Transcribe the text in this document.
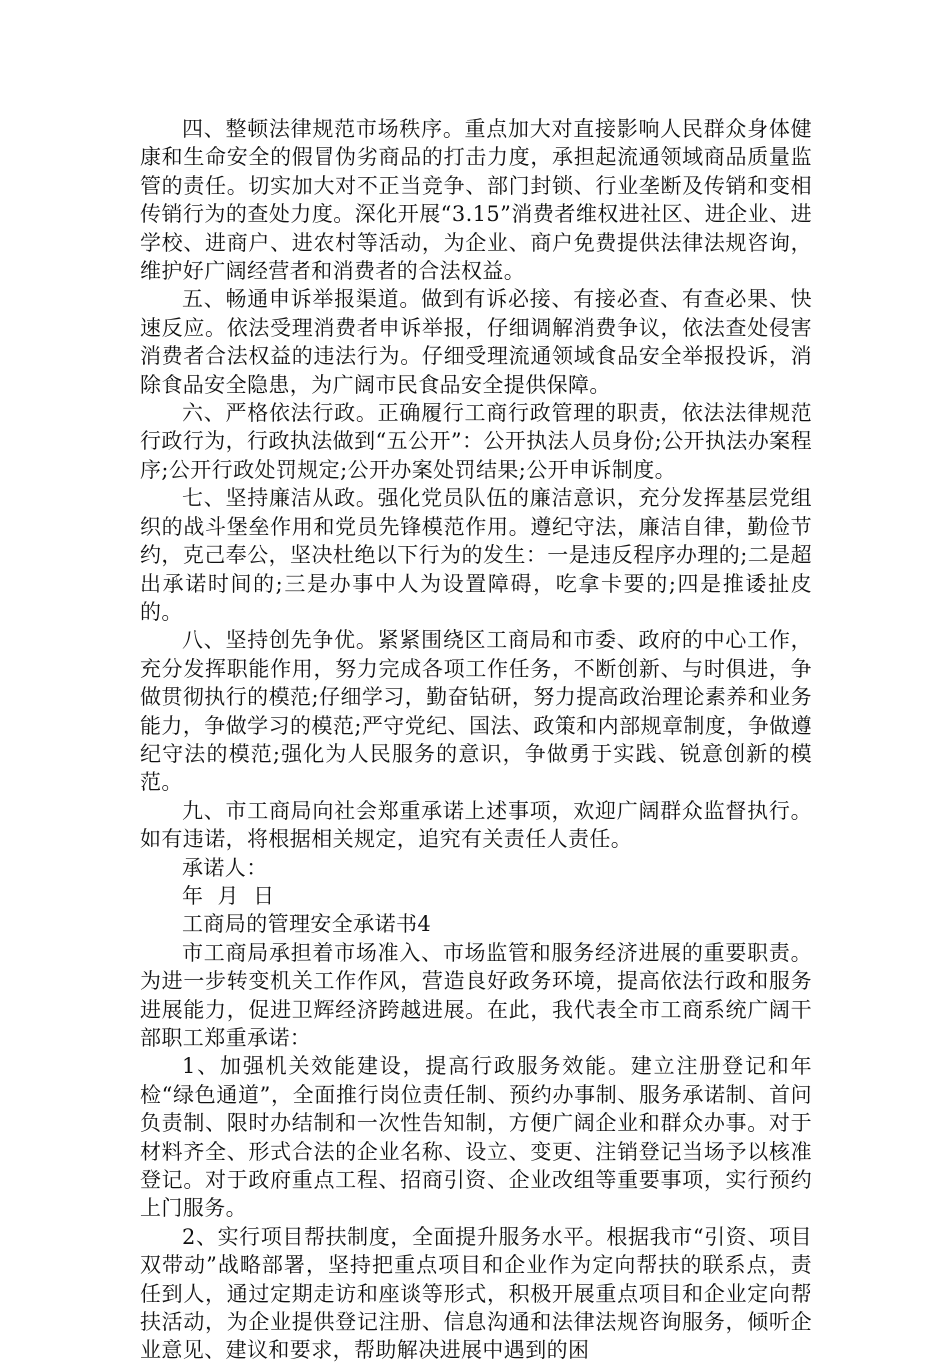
四、整顿法律规范市场秩序。重点加大对直接影响人民群众身体健康和生命安全的假冒伪劣商品的打击力度，承担起流通领域商品质量监管的责任。切实加大对不正当竞争、部门封锁、行业垄断及传销和变相传销行为的查处力度。深化开展“3.15”消费者维权进社区、进企业、进学校、进商户、进农村等活动，为企业、商户免费提供法律法规咨询，维护好广阔经营者和消费者的合法权益。

五、畅通申诉举报渠道。做到有诉必接、有接必查、有查必果、快速反应。依法受理消费者申诉举报，仔细调解消费争议，依法查处侵害消费者合法权益的违法行为。仔细受理流通领域食品安全举报投诉，消除食品安全隐患，为广阔市民食品安全提供保障。

六、严格依法行政。正确履行工商行政管理的职责，依法法律规范行政行为，行政执法做到“五公开”：公开执法人员身份;公开执法办案程序;公开行政处罚规定;公开办案处罚结果;公开申诉制度。

七、坚持廉洁从政。强化党员队伍的廉洁意识，充分发挥基层党组织的战斗堡垒作用和党员先锋模范作用。遵纪守法，廉洁自律，勤俭节约，克己奉公，坚决杜绝以下行为的发生：一是违反程序办理的;二是超出承诺时间的;三是办事中人为设置障碍，吃拿卡要的;四是推诿扯皮的。

八、坚持创先争优。紧紧围绕区工商局和市委、政府的中心工作，充分发挥职能作用，努力完成各项工作任务，不断创新、与时俱进，争做贯彻执行的模范;仔细学习，勤奋钻研，努力提高政治理论素养和业务能力，争做学习的模范;严守党纪、国法、政策和内部规章制度，争做遵纪守法的模范;强化为人民服务的意识，争做勇于实践、锐意创新的模范。

九、市工商局向社会郑重承诺上述事项，欢迎广阔群众监督执行。如有违诺，将根据相关规定，追究有关责任人责任。

承诺人：

年  月  日

工商局的管理安全承诺书4

市工商局承担着市场准入、市场监管和服务经济进展的重要职责。为进一步转变机关工作作风，营造良好政务环境，提高依法行政和服务进展能力，促进卫辉经济跨越进展。在此，我代表全市工商系统广阔干部职工郑重承诺：

1、加强机关效能建设，提高行政服务效能。建立注册登记和年检“绿色通道”，全面推行岗位责任制、预约办事制、服务承诺制、首问负责制、限时办结制和一次性告知制，方便广阔企业和群众办事。对于材料齐全、形式合法的企业名称、设立、变更、注销登记当场予以核准登记。对于政府重点工程、招商引资、企业改组等重要事项，实行预约上门服务。

2、实行项目帮扶制度，全面提升服务水平。根据我市“引资、项目双带动”战略部署，坚持把重点项目和企业作为定向帮扶的联系点，责任到人，通过定期走访和座谈等形式，积极开展重点项目和企业定向帮扶活动，为企业提供登记注册、信息沟通和法律法规咨询服务，倾听企业意见、建议和要求，帮助解决进展中遇到的困
